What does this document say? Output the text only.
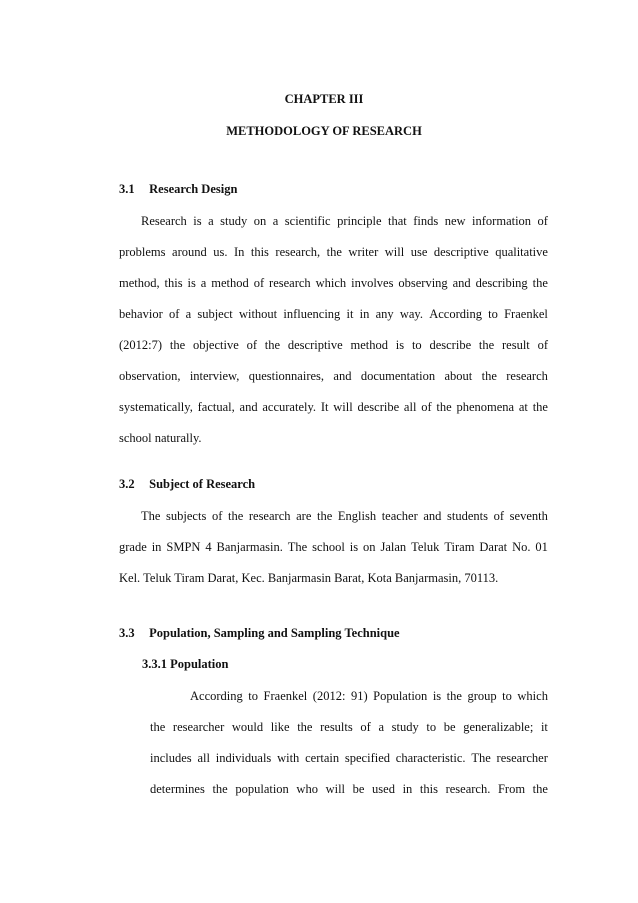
CHAPTER III
METHODOLOGY OF RESEARCH
3.1 Research Design
Research is a study on a scientific principle that finds new information of
problems around us. In this research, the writer will use descriptive qualitative
method, this is a method of research which involves observing and describing the
behavior of a subject without influencing it in any way. According to Fraenkel
(2012:7) the objective of the descriptive method is to describe the result of
observation, interview, questionnaires, and documentation about the research
systematically, factual, and accurately. It will describe all of the phenomena at the
school naturally.
3.2 Subject of Research
The subjects of the research are the English teacher and students of seventh
grade in SMPN 4 Banjarmasin. The school is on Jalan Teluk Tiram Darat No. 01
Kel. Teluk Tiram Darat, Kec. Banjarmasin Barat, Kota Banjarmasin, 70113.
3.3 Population, Sampling and Sampling Technique
3.3.1 Population
According to Fraenkel (2012: 91) Population is the group to which
the researcher would like the results of a study to be generalizable; it
includes all individuals with certain specified characteristic. The researcher
determines the population who will be used in this research. From the
